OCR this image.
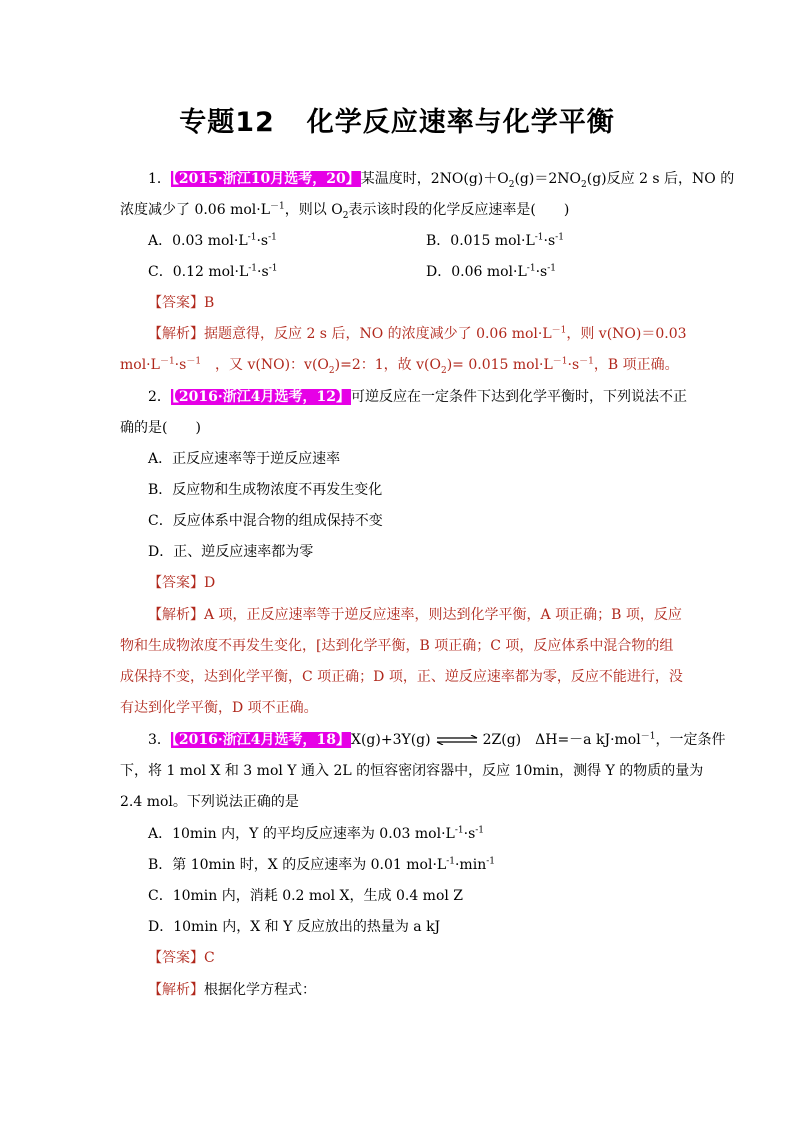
专题12 化学反应速率与化学平衡
1．【2015·浙江10月选考，20】某温度时，$2NO(g)+O_2(g)=2NO_2(g)$反应 2 s 后，NO 的
浓度减少了 0.06 $mol\cdot L^{-1}$，则以 $O_2$表示该时段的化学反应速率是(　　)
A．0.03 $mol\cdot L^{-1}\cdot s^{-1}$	B．0.015 $mol\cdot L^{-1}\cdot s^{-1}$
C．0.12 $mol\cdot L^{-1}\cdot s^{-1}$	D．0.06 $mol\cdot L^{-1}\cdot s^{-1}$
【答案】B
【解析】据题意得，反应 2 s 后，NO 的浓度减少了 0.06 $mol\cdot L^{-1}$，则 v(NO)＝0.03
$mol\cdot L^{-1}\cdot s^{-1}$　，又 v(NO)：$v(O_2)=2$：1，故 $v(O_2)= 0.015$ $mol\cdot L^{-1}\cdot s^{-1}$，B 项正确。
2．【2016·浙江4月选考，12】可逆反应在一定条件下达到化学平衡时，下列说法不正
确的是(　　)
A．正反应速率等于逆反应速率
B．反应物和生成物浓度不再发生变化
C．反应体系中混合物的组成保持不变
D．正、逆反应速率都为零
【答案】D
【解析】A 项，正反应速率等于逆反应速率，则达到化学平衡，A 项正确；B 项，反应
物和生成物浓度不再发生变化，[达到化学平衡，B 项正确；C 项，反应体系中混合物的组
成保持不变，达到化学平衡，C 项正确；D 项，正、逆反应速率都为零，反应不能进行，没
有达到化学平衡，D 项不正确。
3．【2016·浙江4月选考，18】X(g)+3Y(g) ⇌ 2Z(g)　ΔH=－a kJ·mol$^{-1}$，一定条件
下，将 1 mol X 和 3 mol Y 通入 2L 的恒容密闭容器中，反应 10min，测得 Y 的物质的量为
2.4 mol。下列说法正确的是
A．10min 内，Y 的平均反应速率为 0.03 $mol\cdot L^{-1}\cdot s^{-1}$
B．第 10min 时，X 的反应速率为 0.01 $mol\cdot L^{-1}\cdot\min^{-1}$
C．10min 内，消耗 0.2 mol X，生成 0.4 mol Z
D．10min 内，X 和 Y 反应放出的热量为 a kJ
【答案】C
【解析】根据化学方程式：
